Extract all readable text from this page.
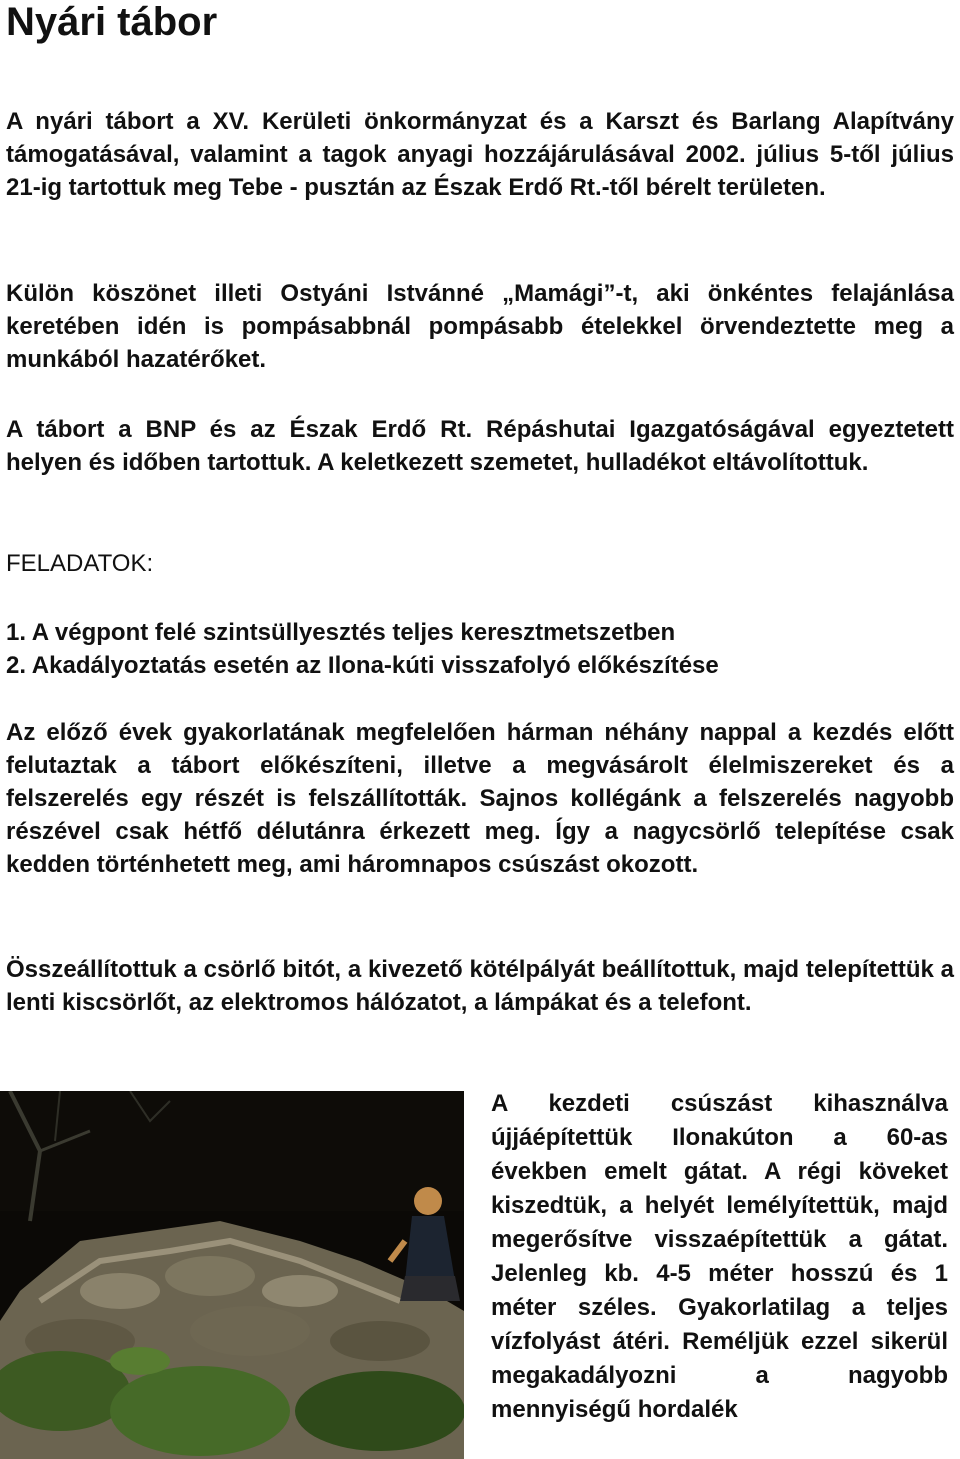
Nyári tábor

A nyári tábort a XV. Kerületi önkormányzat és a Karszt és Barlang Alapítvány támogatásával, valamint a tagok anyagi hozzájárulásával 2002. július 5-től július 21-ig tartottuk meg Tebe - pusztán az Észak Erdő Rt.-től bérelt területen.

Külön köszönet illeti Ostyáni Istvánné „Mamági”-t, aki önkéntes felajánlása keretében idén is pompásabbnál pompásabb ételekkel örvendeztette meg a munkából hazatérőket.

A tábort a BNP és az Észak Erdő Rt. Répáshutai Igazgatóságával egyeztetett helyen és időben tartottuk. A keletkezett szemetet, hulladékot eltávolítottuk.

FELADATOK:
1. A végpont felé szintsüllyesztés teljes keresztmetszetben
2. Akadályoztatás esetén az Ilona-kúti visszafolyó előkészítése

Az előző évek gyakorlatának megfelelően hárman néhány nappal a kezdés előtt felutaztak a tábort előkészíteni, illetve a megvásárolt élelmiszereket és a felszerelés egy részét is felszállították. Sajnos kollégánk a felszerelés nagyobb részével csak hétfő délutánra érkezett meg. Így a nagycsörlő telepítése csak kedden történhetett meg, ami háromnapos csúszást okozott.

Összeállítottuk a csörlő bitót, a kivezető kötélpályát beállítottuk, majd telepítettük a lenti kiscsörlőt, az elektromos hálózatot, a lámpákat és a telefont.

A kezdeti csúszást kihasználva újjáépítettük Ilonakúton a 60-as években emelt gátat. A régi köveket kiszedtük, a helyét lemélyítettük, majd megerősítve visszaépítettük a gátat. Jelenleg kb. 4-5 méter hosszú és 1 méter széles. Gyakorlatilag a teljes vízfolyást átéri. Reméljük ezzel sikerül megakadályozni a nagyobb mennyiségű hordalék
